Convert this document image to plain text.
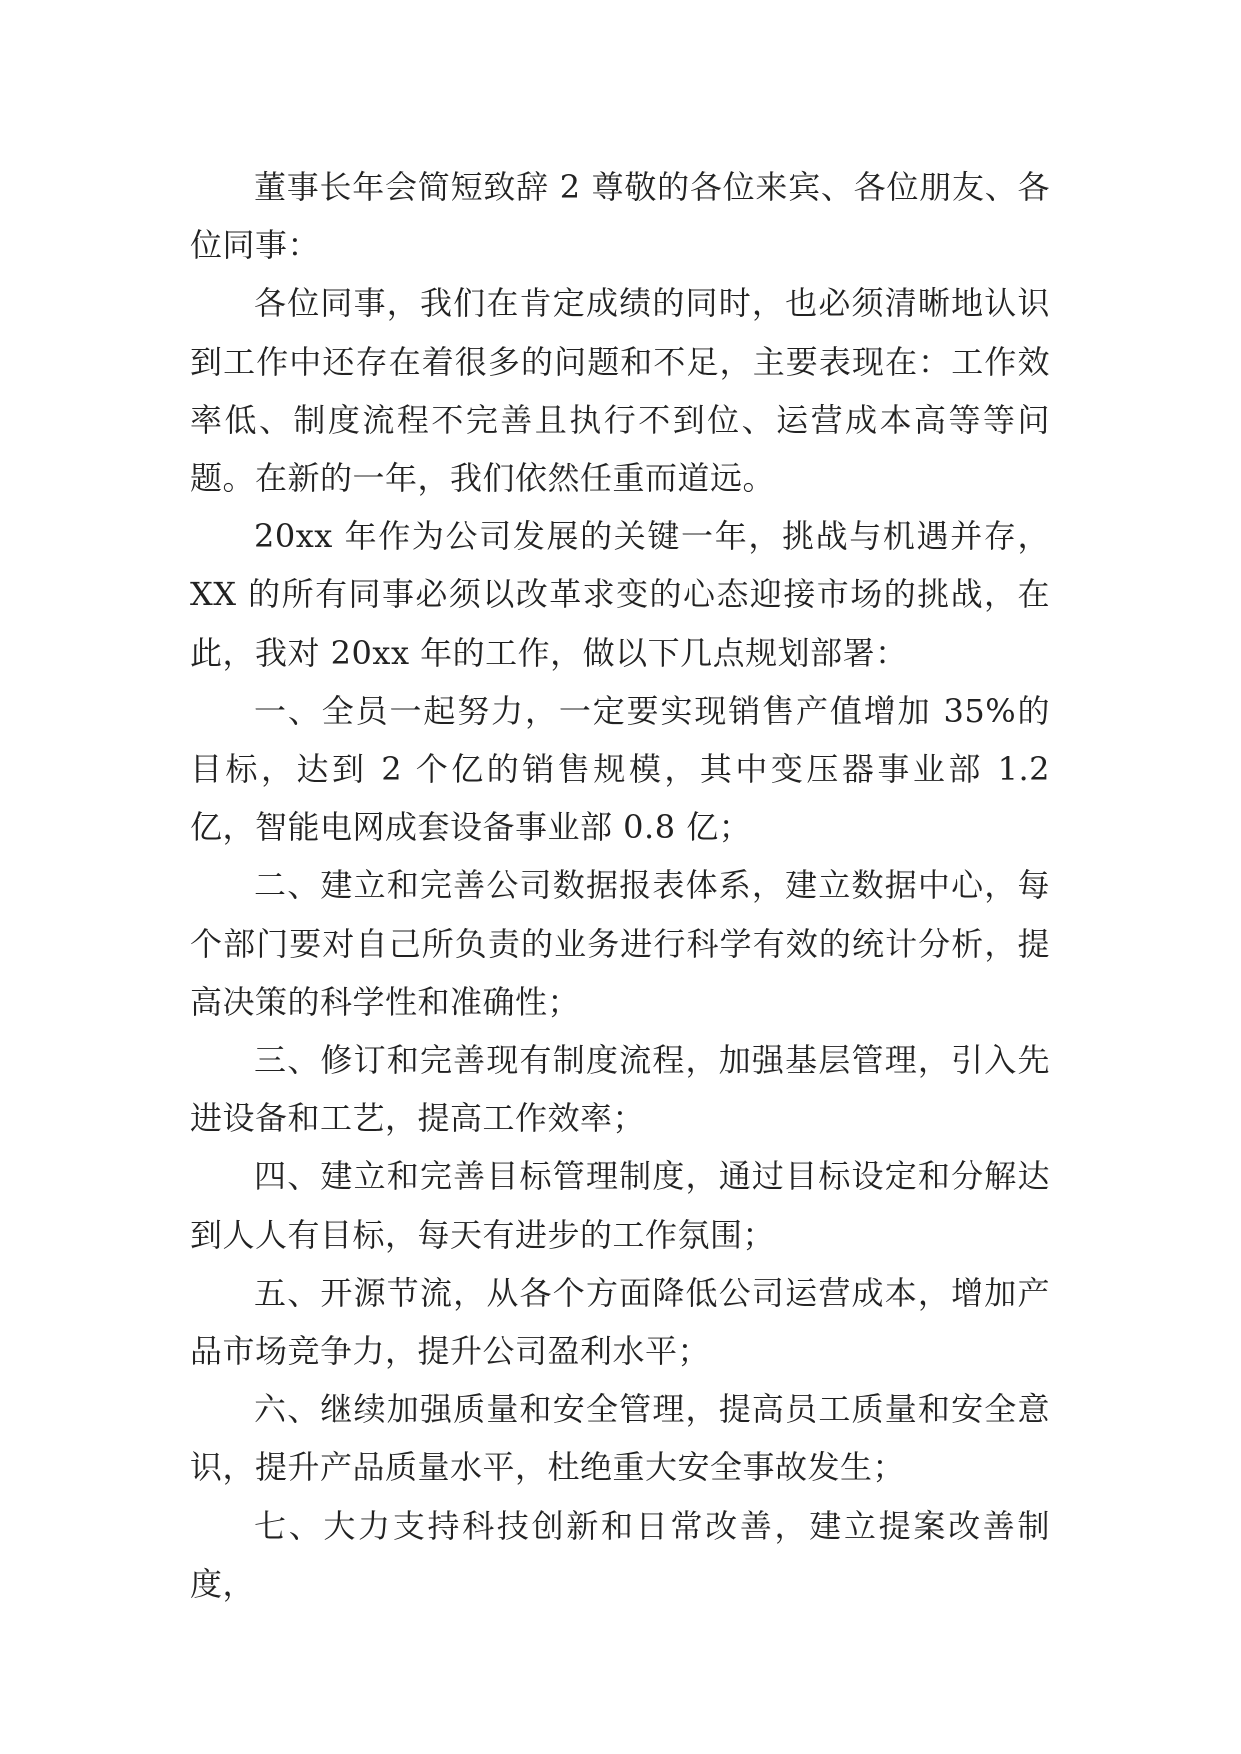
董事长年会简短致辞 2 尊敬的各位来宾、各位朋友、各位同事：

各位同事，我们在肯定成绩的同时，也必须清晰地认识到工作中还存在着很多的问题和不足，主要表现在：工作效率低、制度流程不完善且执行不到位、运营成本高等等问题。在新的一年，我们依然任重而道远。

20xx 年作为公司发展的关键一年，挑战与机遇并存，XX 的所有同事必须以改革求变的心态迎接市场的挑战，在此，我对 20xx 年的工作，做以下几点规划部署：

一、全员一起努力，一定要实现销售产值增加 35%的目标，达到 2 个亿的销售规模，其中变压器事业部 1.2 亿，智能电网成套设备事业部 0.8 亿；

二、建立和完善公司数据报表体系，建立数据中心，每个部门要对自己所负责的业务进行科学有效的统计分析，提高决策的科学性和准确性；

三、修订和完善现有制度流程，加强基层管理，引入先进设备和工艺，提高工作效率；

四、建立和完善目标管理制度，通过目标设定和分解达到人人有目标，每天有进步的工作氛围；

五、开源节流，从各个方面降低公司运营成本，增加产品市场竞争力，提升公司盈利水平；

六、继续加强质量和安全管理，提高员工质量和安全意识，提升产品质量水平，杜绝重大安全事故发生；

七、大力支持科技创新和日常改善，建立提案改善制度，
